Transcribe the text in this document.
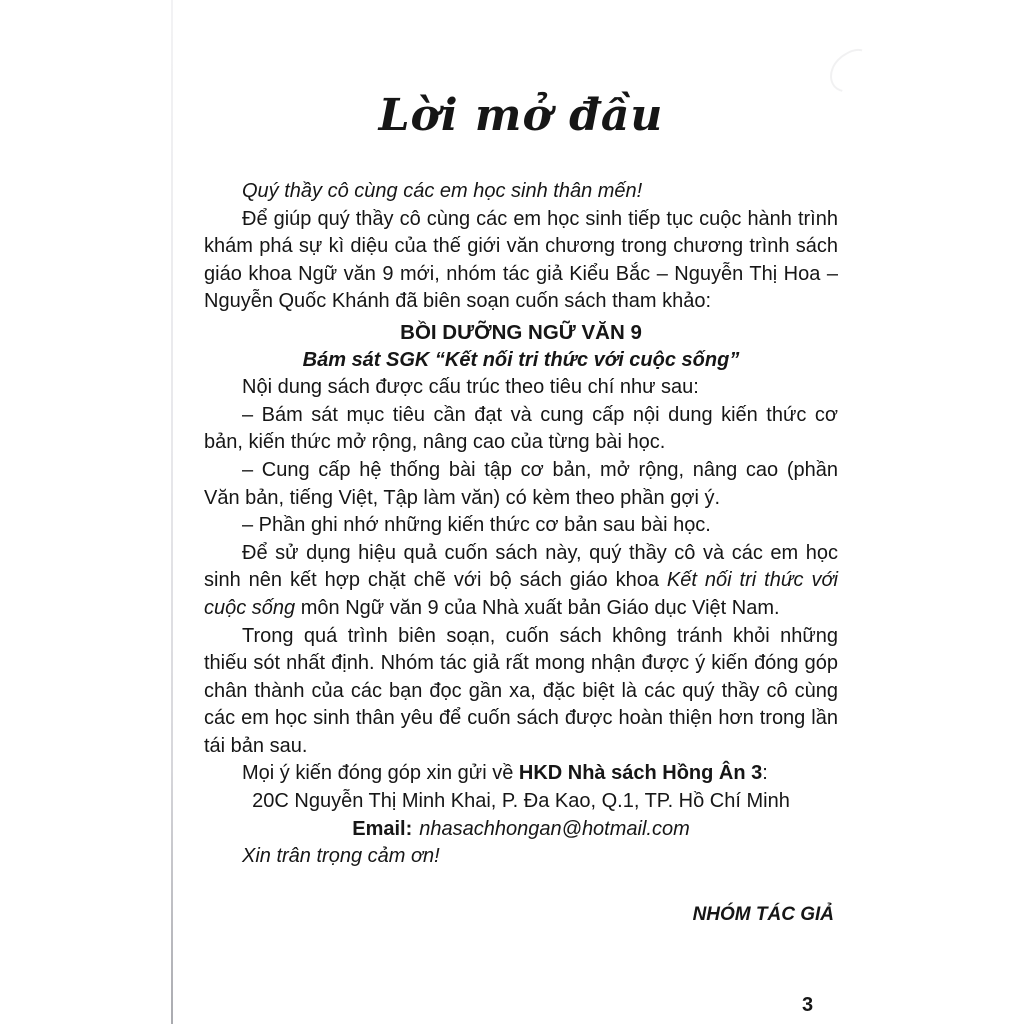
Lời mở đầu

Quý thầy cô cùng các em học sinh thân mến!

Để giúp quý thầy cô cùng các em học sinh tiếp tục cuộc hành trình khám phá sự kì diệu của thế giới văn chương trong chương trình sách giáo khoa Ngữ văn 9 mới, nhóm tác giả Kiểu Bắc – Nguyễn Thị Hoa – Nguyễn Quốc Khánh đã biên soạn cuốn sách tham khảo:

BỒI DƯỠNG NGỮ VĂN 9

Bám sát SGK “Kết nối tri thức với cuộc sống”

Nội dung sách được cấu trúc theo tiêu chí như sau:

– Bám sát mục tiêu cần đạt và cung cấp nội dung kiến thức cơ bản, kiến thức mở rộng, nâng cao của từng bài học.

– Cung cấp hệ thống bài tập cơ bản, mở rộng, nâng cao (phần Văn bản, tiếng Việt, Tập làm văn) có kèm theo phần gợi ý.

– Phần ghi nhớ những kiến thức cơ bản sau bài học.

Để sử dụng hiệu quả cuốn sách này, quý thầy cô và các em học sinh nên kết hợp chặt chẽ với bộ sách giáo khoa Kết nối tri thức với cuộc sống môn Ngữ văn 9 của Nhà xuất bản Giáo dục Việt Nam.

Trong quá trình biên soạn, cuốn sách không tránh khỏi những thiếu sót nhất định. Nhóm tác giả rất mong nhận được ý kiến đóng góp chân thành của các bạn đọc gần xa, đặc biệt là các quý thầy cô cùng các em học sinh thân yêu để cuốn sách được hoàn thiện hơn trong lần tái bản sau.

Mọi ý kiến đóng góp xin gửi về HKD Nhà sách Hồng Ân 3:

20C Nguyễn Thị Minh Khai, P. Đa Kao, Q.1, TP. Hồ Chí Minh

Email: nhasachhongan@hotmail.com

Xin trân trọng cảm ơn!

NHÓM TÁC GIẢ

3
